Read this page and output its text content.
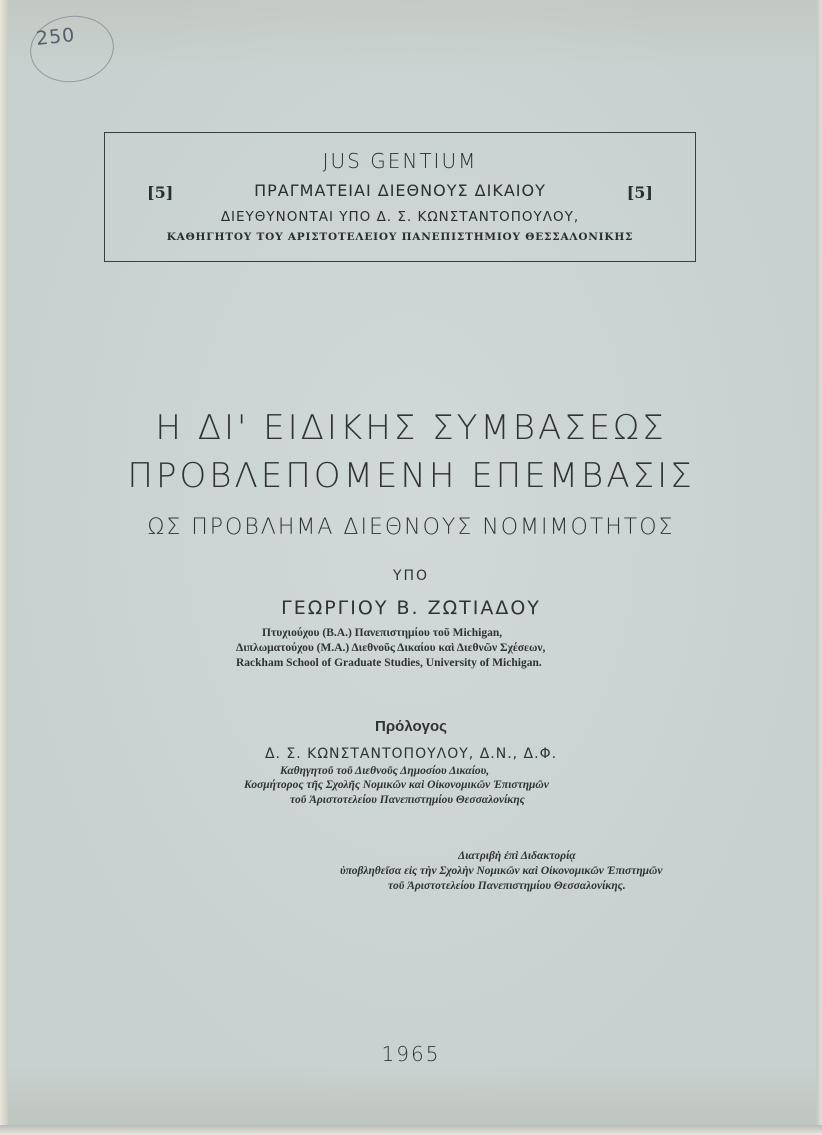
250
JUS GENTIUM
[5]	ΠΡΑΓΜΑΤΕΙΑΙ ΔΙΕΘΝΟΥΣ ΔΙΚΑΙΟΥ	[5]
ΔΙΕΥΘΥΝΟΝΤΑΙ ΥΠΟ Δ. Σ. ΚΩΝΣΤΑΝΤΟΠΟΥΛΟΥ,
ΚΑΘΗΓΗΤΟΥ ΤΟΥ ΑΡΙΣΤΟΤΕΛΕΙΟΥ ΠΑΝΕΠΙΣΤΗΜΙΟΥ ΘΕΣΣΑΛΟΝΙΚΗΣ
Η ΔΙ' ΕΙΔΙΚΗΣ ΣΥΜΒΑΣΕΩΣ
ΠΡΟΒΛΕΠΟΜΕΝΗ ΕΠΕΜΒΑΣΙΣ
ΩΣ ΠΡΟΒΛΗΜΑ ΔΙΕΘΝΟΥΣ ΝΟΜΙΜΟΤΗΤΟΣ
ΥΠΟ
ΓΕΩΡΓΙΟΥ Β. ΖΩΤΙΑΔΟΥ
Πτυχιούχου (B.A.) Πανεπιστημίου τοῦ Michigan,
Διπλωματούχου (M.A.) Διεθνοῦς Δικαίου καὶ Διεθνῶν Σχέσεων,
Rackham School of Graduate Studies, University of Michigan.
Πρόλογος
Δ. Σ. ΚΩΝΣΤΑΝΤΟΠΟΥΛΟΥ, Δ.Ν., Δ.Φ.
Καθηγητοῦ τοῦ Διεθνοῦς Δημοσίου Δικαίου,
Κοσμήτορος τῆς Σχολῆς Νομικῶν καὶ Οἰκονομικῶν Ἐπιστημῶν
τοῦ Ἀριστοτελείου Πανεπιστημίου Θεσσαλονίκης
Διατριβὴ ἐπὶ Διδακτορίᾳ
ὑποβληθεῖσα εἰς τὴν Σχολὴν Νομικῶν καὶ Οἰκονομικῶν Ἐπιστημῶν
τοῦ Ἀριστοτελείου Πανεπιστημίου Θεσσαλονίκης.
1965
